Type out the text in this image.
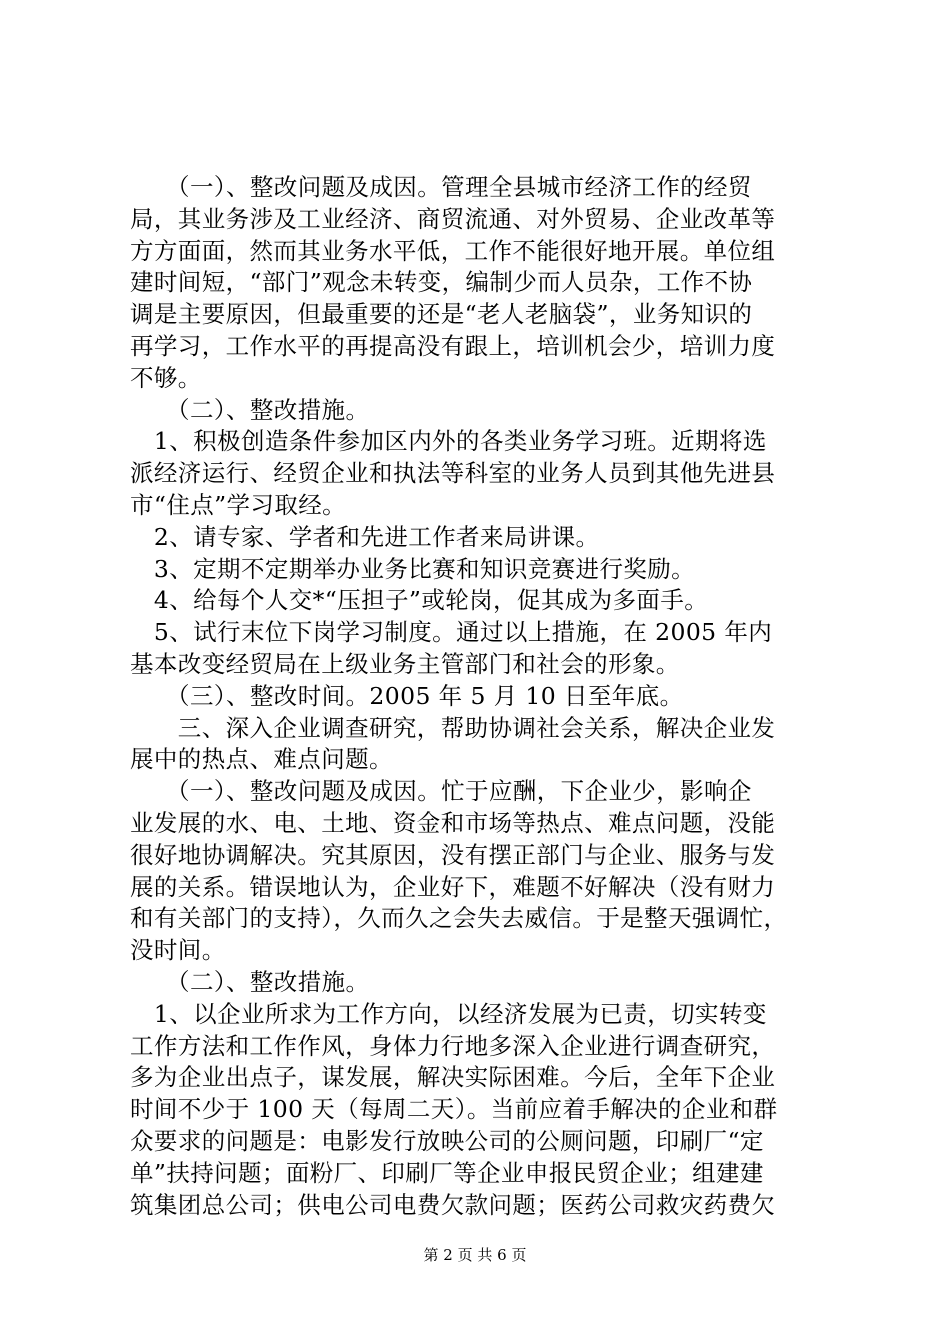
　　（一）、整改问题及成因。管理全县城市经济工作的经贸
局，其业务涉及工业经济、商贸流通、对外贸易、企业改革等
方方面面，然而其业务水平低，工作不能很好地开展。单位组
建时间短，“部门”观念未转变，编制少而人员杂，工作不协
调是主要原因，但最重要的还是“老人老脑袋”，业务知识的
再学习，工作水平的再提高没有跟上，培训机会少，培训力度
不够。
　　（二）、整改措施。
　1、积极创造条件参加区内外的各类业务学习班。近期将选
派经济运行、经贸企业和执法等科室的业务人员到其他先进县
市“住点”学习取经。
　2、请专家、学者和先进工作者来局讲课。
　3、定期不定期举办业务比赛和知识竞赛进行奖励。
　4、给每个人交*“压担子”或轮岗，促其成为多面手。
　5、试行末位下岗学习制度。通过以上措施，在 2005 年内
基本改变经贸局在上级业务主管部门和社会的形象。
　　（三）、整改时间。2005 年 5 月 10 日至年底。
　　三、深入企业调查研究，帮助协调社会关系，解决企业发
展中的热点、难点问题。
　　（一）、整改问题及成因。忙于应酬，下企业少，影响企
业发展的水、电、土地、资金和市场等热点、难点问题，没能
很好地协调解决。究其原因，没有摆正部门与企业、服务与发
展的关系。错误地认为，企业好下，难题不好解决（没有财力
和有关部门的支持），久而久之会失去威信。于是整天强调忙，
没时间。
　　（二）、整改措施。
　1、以企业所求为工作方向，以经济发展为已责，切实转变
工作方法和工作作风，身体力行地多深入企业进行调查研究，
多为企业出点子，谋发展，解决实际困难。今后，全年下企业
时间不少于 100 天（每周二天）。当前应着手解决的企业和群
众要求的问题是：电影发行放映公司的公厕问题，印刷厂“定
单”扶持问题；面粉厂、印刷厂等企业申报民贸企业；组建建
筑集团总公司；供电公司电费欠款问题；医药公司救灾药费欠
第 2 页 共 6 页
